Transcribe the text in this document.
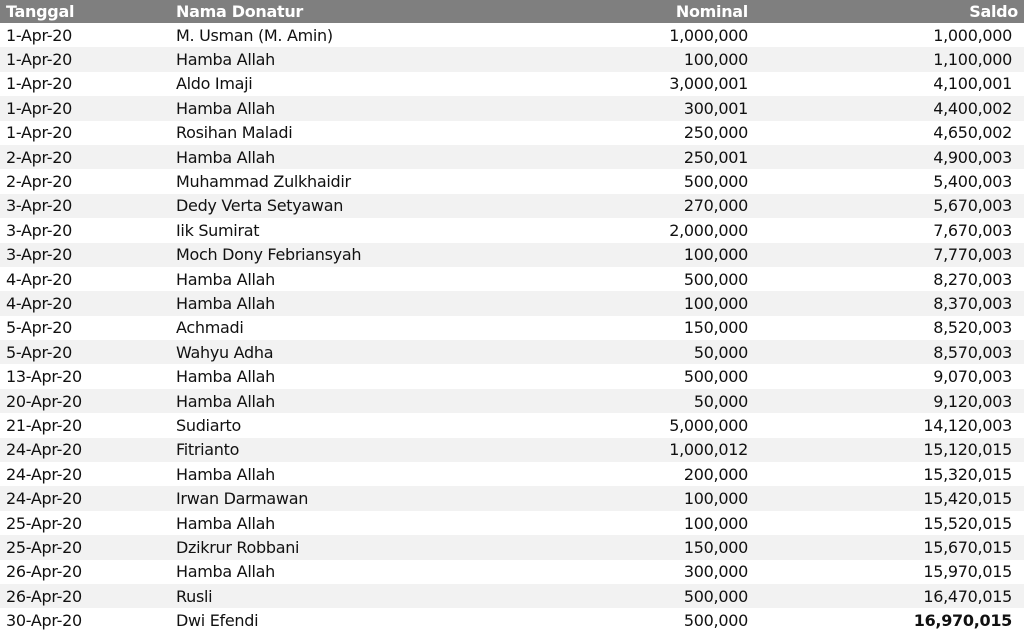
Tanggal	Nama Donatur	Nominal	Saldo
1-Apr-20	M. Usman (M. Amin)	1,000,000	1,000,000
1-Apr-20	Hamba Allah	100,000	1,100,000
1-Apr-20	Aldo Imaji	3,000,001	4,100,001
1-Apr-20	Hamba Allah	300,001	4,400,002
1-Apr-20	Rosihan Maladi	250,000	4,650,002
2-Apr-20	Hamba Allah	250,001	4,900,003
2-Apr-20	Muhammad Zulkhaidir	500,000	5,400,003
3-Apr-20	Dedy Verta Setyawan	270,000	5,670,003
3-Apr-20	Iik Sumirat	2,000,000	7,670,003
3-Apr-20	Moch Dony Febriansyah	100,000	7,770,003
4-Apr-20	Hamba Allah	500,000	8,270,003
4-Apr-20	Hamba Allah	100,000	8,370,003
5-Apr-20	Achmadi	150,000	8,520,003
5-Apr-20	Wahyu Adha	50,000	8,570,003
13-Apr-20	Hamba Allah	500,000	9,070,003
20-Apr-20	Hamba Allah	50,000	9,120,003
21-Apr-20	Sudiarto	5,000,000	14,120,003
24-Apr-20	Fitrianto	1,000,012	15,120,015
24-Apr-20	Hamba Allah	200,000	15,320,015
24-Apr-20	Irwan Darmawan	100,000	15,420,015
25-Apr-20	Hamba Allah	100,000	15,520,015
25-Apr-20	Dzikrur Robbani	150,000	15,670,015
26-Apr-20	Hamba Allah	300,000	15,970,015
26-Apr-20	Rusli	500,000	16,470,015
30-Apr-20	Dwi Efendi	500,000	16,970,015
